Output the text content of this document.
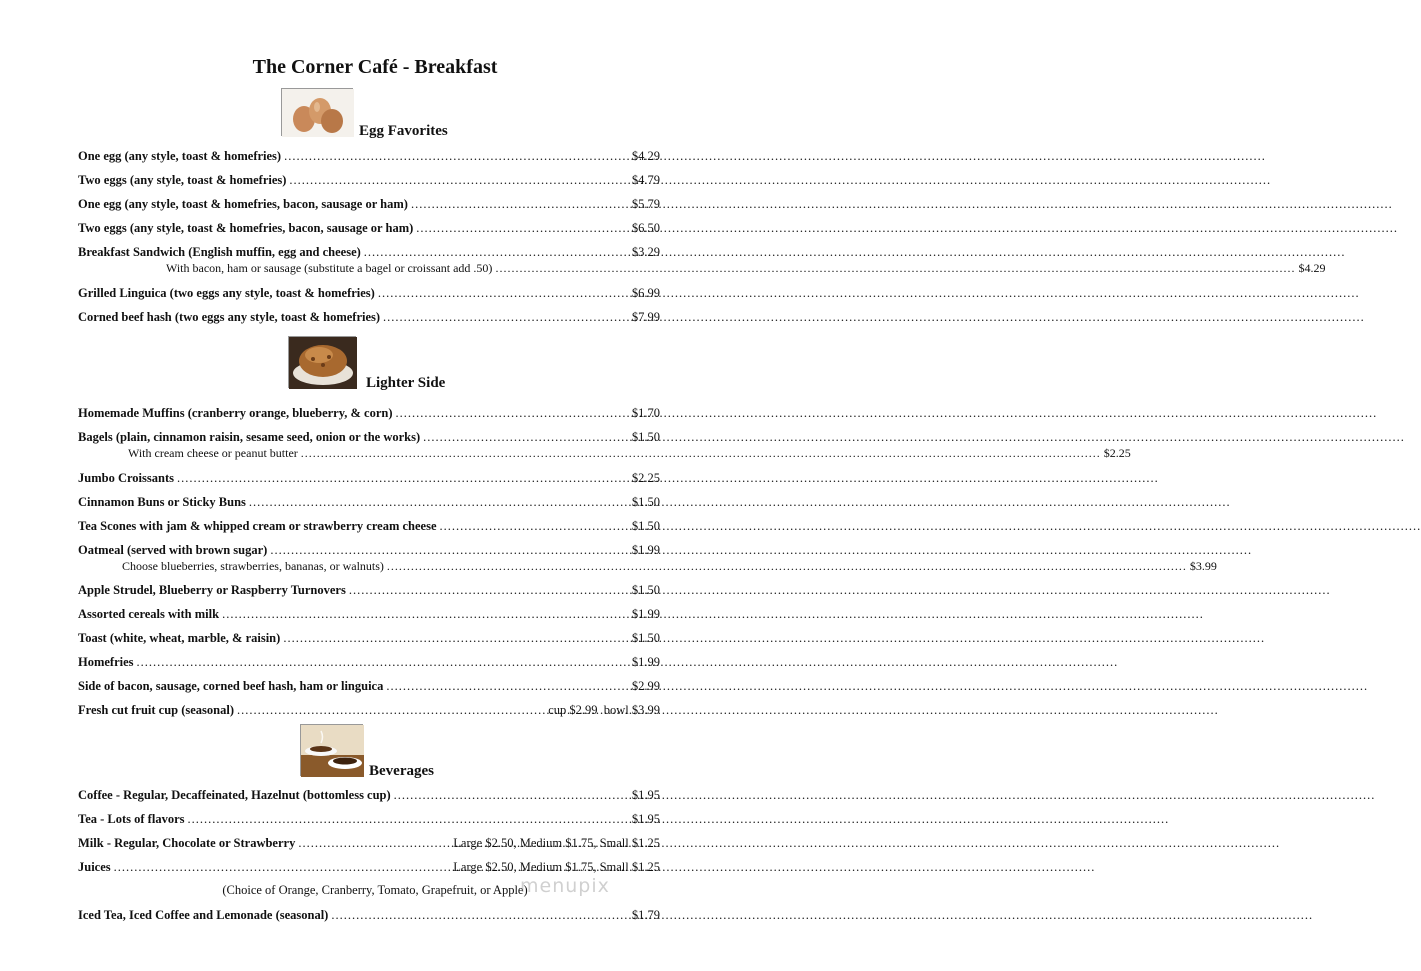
The Corner Café - Breakfast
Egg Favorites
One egg (any style, toast & homefries) .....	$4.29
Two eggs (any style, toast & homefries) .....	$4.79
One egg (any style, toast & homefries, bacon, sausage or ham) .....	$5.79
Two eggs (any style, toast & homefries, bacon, sausage or ham) .....	$6.50
Breakfast Sandwich (English muffin, egg and cheese) .....	$3.29
With bacon, ham or sausage (substitute a bagel or croissant add .50) ........................................................................................................................................................................................................ $4.29
Grilled Linguica (two eggs any style, toast & homefries) .....	$6.99
Corned beef hash (two eggs any style, toast & homefries) .....	$7.99
Lighter Side
Homemade Muffins (cranberry orange, blueberry, & corn) .....	$1.70
Bagels (plain, cinnamon raisin, sesame seed, onion or the works) .....	$1.50
With cream cheese or peanut butter ........................................................................................................................................................................................................ $2.25
Jumbo Croissants .....	$2.25
Cinnamon Buns or Sticky Buns .....	$1.50
Tea Scones with jam & whipped cream or strawberry cream cheese .....	$1.50
Oatmeal (served with brown sugar) .....	$1.99
Choose blueberries, strawberries, bananas, or walnuts) ........................................................................................................................................................................................................ $3.99
Apple Strudel, Blueberry or Raspberry Turnovers .....	$1.50
Assorted cereals with milk .....	$1.99
Toast (white, wheat, marble, & raisin) .....	$1.50
Homefries .....	$1.99
Side of bacon, sausage, corned beef hash, ham or linguica .....	$2.99
Fresh cut fruit cup (seasonal) .....	cup $2.99  bowl $3.99
Beverages
Coffee - Regular, Decaffeinated, Hazelnut (bottomless cup) .....	$1.95
Tea - Lots of flavors .....	$1.95
Milk - Regular, Chocolate or Strawberry .....	Large $2.50, Medium $1.75, Small $1.25
Juices .....	Large $2.50, Medium $1.75, Small $1.25
(Choice of Orange, Cranberry, Tomato, Grapefruit, or Apple)
Iced Tea, Iced Coffee and Lemonade (seasonal) .....	$1.79
menupix
